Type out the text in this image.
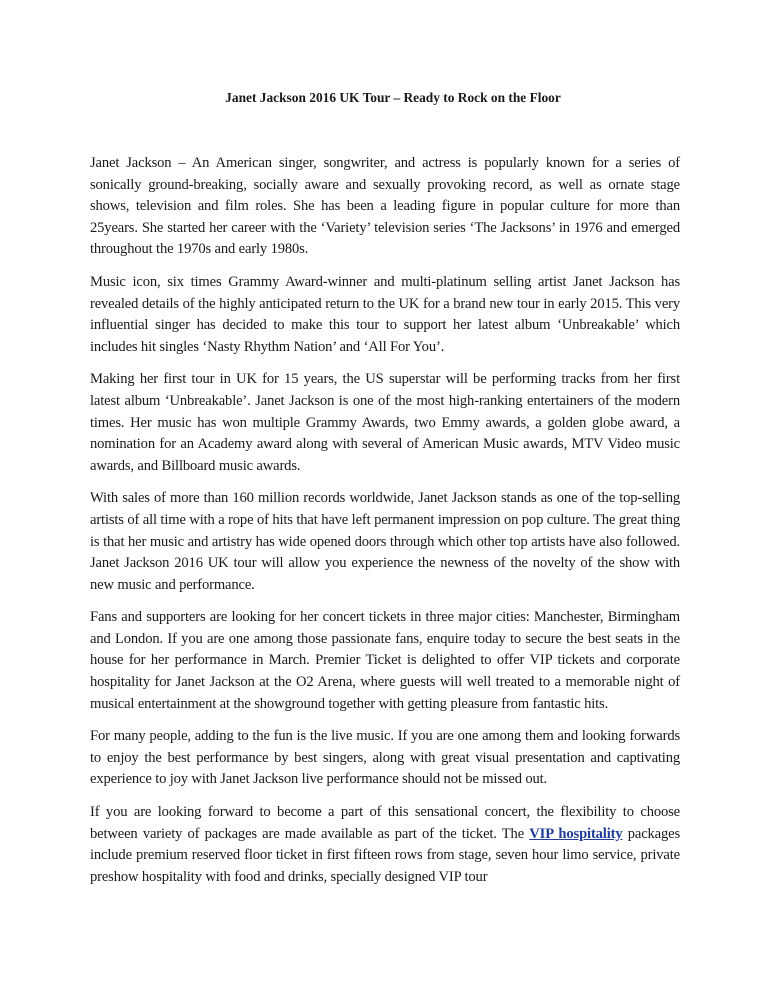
Janet Jackson 2016 UK Tour – Ready to Rock on the Floor

Janet Jackson – An American singer, songwriter, and actress is popularly known for a series of sonically ground-breaking, socially aware and sexually provoking record, as well as ornate stage shows, television and film roles. She has been a leading figure in popular culture for more than 25years. She started her career with the ‘Variety’ television series ‘The Jacksons’ in 1976 and emerged throughout the 1970s and early 1980s.

Music icon, six times Grammy Award-winner and multi-platinum selling artist Janet Jackson has revealed details of the highly anticipated return to the UK for a brand new tour in early 2015. This very influential singer has decided to make this tour to support her latest album ‘Unbreakable’ which includes hit singles ‘Nasty Rhythm Nation’ and ‘All For You’.

Making her first tour in UK for 15 years, the US superstar will be performing tracks from her first latest album ‘Unbreakable’. Janet Jackson is one of the most high-ranking entertainers of the modern times. Her music has won multiple Grammy Awards, two Emmy awards, a golden globe award, a nomination for an Academy award along with several of American Music awards, MTV Video music awards, and Billboard music awards.

With sales of more than 160 million records worldwide, Janet Jackson stands as one of the top-selling artists of all time with a rope of hits that have left permanent impression on pop culture. The great thing is that her music and artistry has wide opened doors through which other top artists have also followed. Janet Jackson 2016 UK tour will allow you experience the newness of the novelty of the show with new music and performance.

Fans and supporters are looking for her concert tickets in three major cities: Manchester, Birmingham and London. If you are one among those passionate fans, enquire today to secure the best seats in the house for her performance in March. Premier Ticket is delighted to offer VIP tickets and corporate hospitality for Janet Jackson at the O2 Arena, where guests will well treated to a memorable night of musical entertainment at the showground together with getting pleasure from fantastic hits.

For many people, adding to the fun is the live music. If you are one among them and looking forwards to enjoy the best performance by best singers, along with great visual presentation and captivating experience to joy with Janet Jackson live performance should not be missed out.

If you are looking forward to become a part of this sensational concert, the flexibility to choose between variety of packages are made available as part of the ticket. The VIP hospitality packages include premium reserved floor ticket in first fifteen rows from stage, seven hour limo service, private preshow hospitality with food and drinks, specially designed VIP tour
